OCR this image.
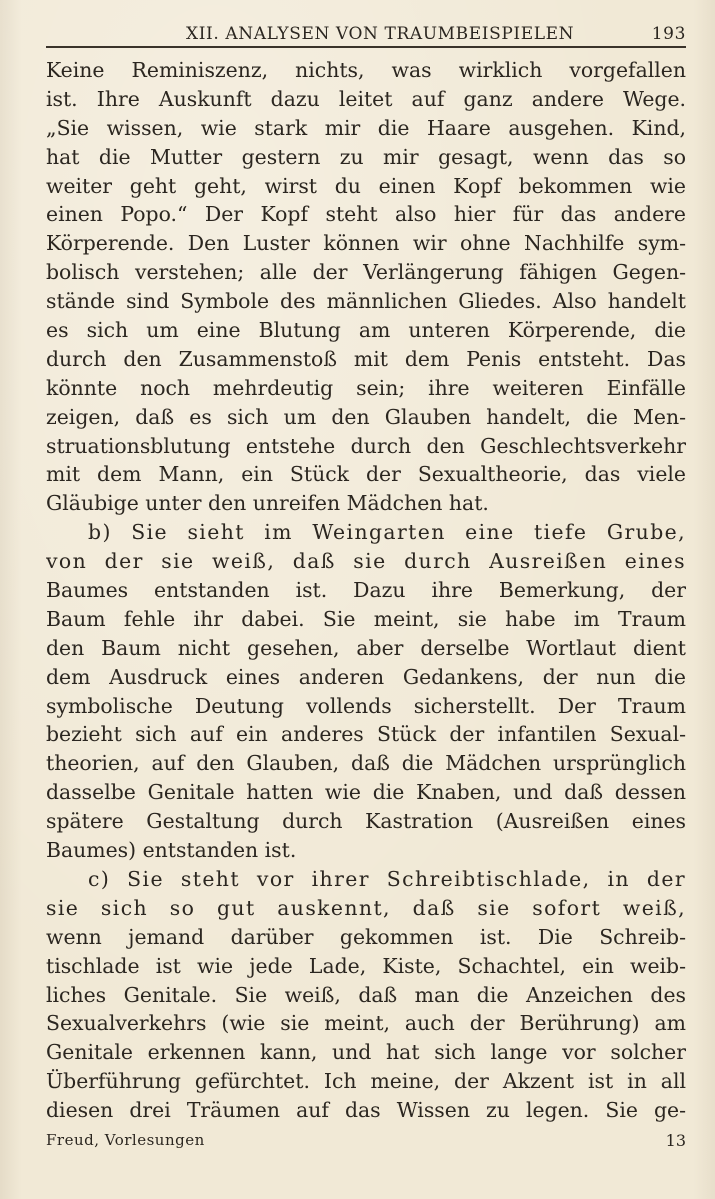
XII. ANALYSEN VON TRAUMBEISPIELEN	193
Keine Reminiszenz, nichts, was wirklich vorgefallen
ist. Ihre Auskunft dazu leitet auf ganz andere Wege.
„Sie wissen, wie stark mir die Haare ausgehen. Kind,
hat die Mutter gestern zu mir gesagt, wenn das so
weiter geht geht, wirst du einen Kopf bekommen wie
einen Popo.“ Der Kopf steht also hier für das andere
Körperende. Den Luster können wir ohne Nachhilfe sym-
bolisch verstehen; alle der Verlängerung fähigen Gegen-
stände sind Symbole des männlichen Gliedes. Also handelt
es sich um eine Blutung am unteren Körperende, die
durch den Zusammenstoß mit dem Penis entsteht. Das
könnte noch mehrdeutig sein; ihre weiteren Einfälle
zeigen, daß es sich um den Glauben handelt, die Men-
struationsblutung entstehe durch den Geschlechtsverkehr
mit dem Mann, ein Stück der Sexualtheorie, das viele
Gläubige unter den unreifen Mädchen hat.
b) Sie sieht im Weingarten eine tiefe Grube,
von der sie weiß, daß sie durch Ausreißen eines
Baumes entstanden ist. Dazu ihre Bemerkung, der
Baum fehle ihr dabei. Sie meint, sie habe im Traum
den Baum nicht gesehen, aber derselbe Wortlaut dient
dem Ausdruck eines anderen Gedankens, der nun die
symbolische Deutung vollends sicherstellt. Der Traum
bezieht sich auf ein anderes Stück der infantilen Sexual-
theorien, auf den Glauben, daß die Mädchen ursprünglich
dasselbe Genitale hatten wie die Knaben, und daß dessen
spätere Gestaltung durch Kastration (Ausreißen eines
Baumes) entstanden ist.
c) Sie steht vor ihrer Schreibtischlade, in der
sie sich so gut auskennt, daß sie sofort weiß,
wenn jemand darüber gekommen ist. Die Schreib-
tischlade ist wie jede Lade, Kiste, Schachtel, ein weib-
liches Genitale. Sie weiß, daß man die Anzeichen des
Sexualverkehrs (wie sie meint, auch der Berührung) am
Genitale erkennen kann, und hat sich lange vor solcher
Überführung gefürchtet. Ich meine, der Akzent ist in all
diesen drei Träumen auf das Wissen zu legen. Sie ge-
Freud, Vorlesungen	13
